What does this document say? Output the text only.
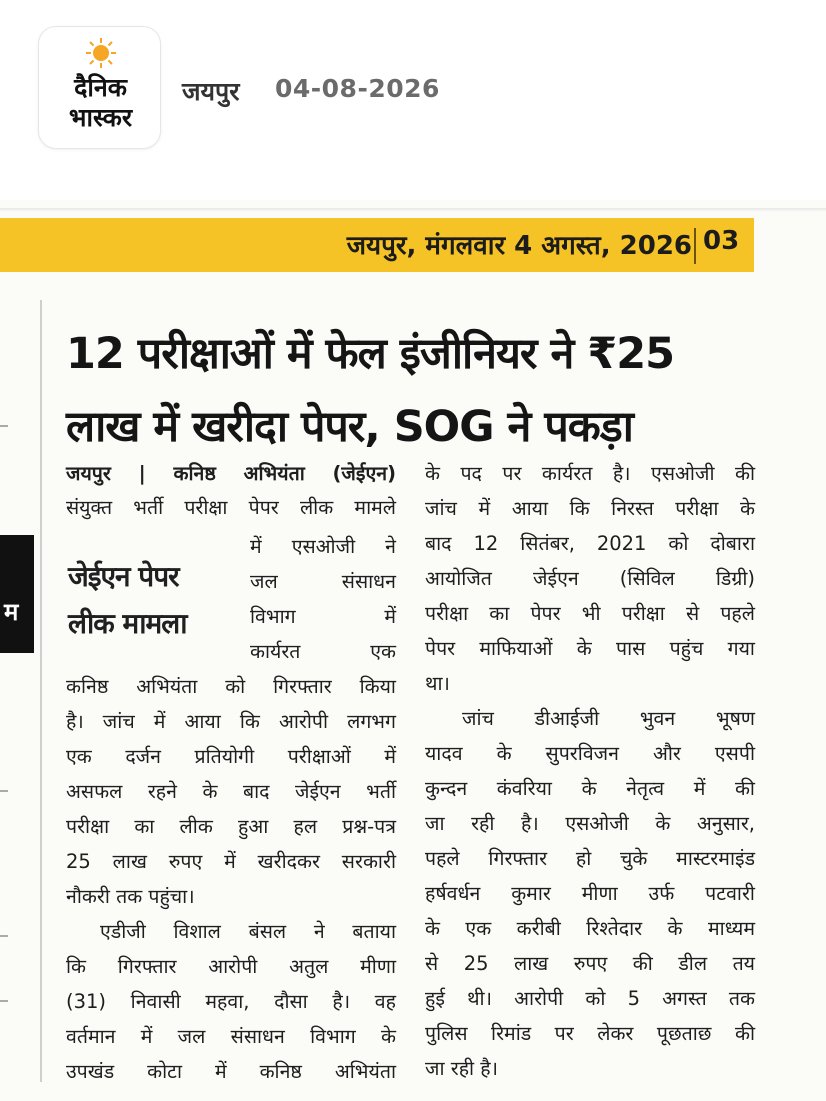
दैनिक
भास्कर
जयपुर 04-08-2026
जयपुर, मंगलवार 4 अगस्त, 2026 03
म
12 परीक्षाओं में फेल इंजीनियर ने ₹25
लाख में खरीदा पेपर, SOG ने पकड़ा
जेईएन पेपर
लीक मामला
जयपुर | कनिष्ठ अभियंता (जेईएन)
संयुक्त भर्ती परीक्षा पेपर लीक मामले
में एसओजी ने
जल संसाधन
विभाग में
कार्यरत एक
कनिष्ठ अभियंता को गिरफ्तार किया
है। जांच में आया कि आरोपी लगभग
एक दर्जन प्रतियोगी परीक्षाओं में
असफल रहने के बाद जेईएन भर्ती
परीक्षा का लीक हुआ हल प्रश्न-पत्र
25 लाख रुपए में खरीदकर सरकारी
नौकरी तक पहुंचा।
एडीजी विशाल बंसल ने बताया
कि गिरफ्तार आरोपी अतुल मीणा
(31) निवासी महवा, दौसा है। वह
वर्तमान में जल संसाधन विभाग के
उपखंड कोटा में कनिष्ठ अभियंता
के पद पर कार्यरत है। एसओजी की
जांच में आया कि निरस्त परीक्षा के
बाद 12 सितंबर, 2021 को दोबारा
आयोजित जेईएन (सिविल डिग्री)
परीक्षा का पेपर भी परीक्षा से पहले
पेपर माफियाओं के पास पहुंच गया
था।
जांच डीआईजी भुवन भूषण
यादव के सुपरविजन और एसपी
कुन्दन कंवरिया के नेतृत्व में की
जा रही है। एसओजी के अनुसार,
पहले गिरफ्तार हो चुके मास्टरमाइंड
हर्षवर्धन कुमार मीणा उर्फ पटवारी
के एक करीबी रिश्तेदार के माध्यम
से 25 लाख रुपए की डील तय
हुई थी। आरोपी को 5 अगस्त तक
पुलिस रिमांड पर लेकर पूछताछ की
जा रही है।
